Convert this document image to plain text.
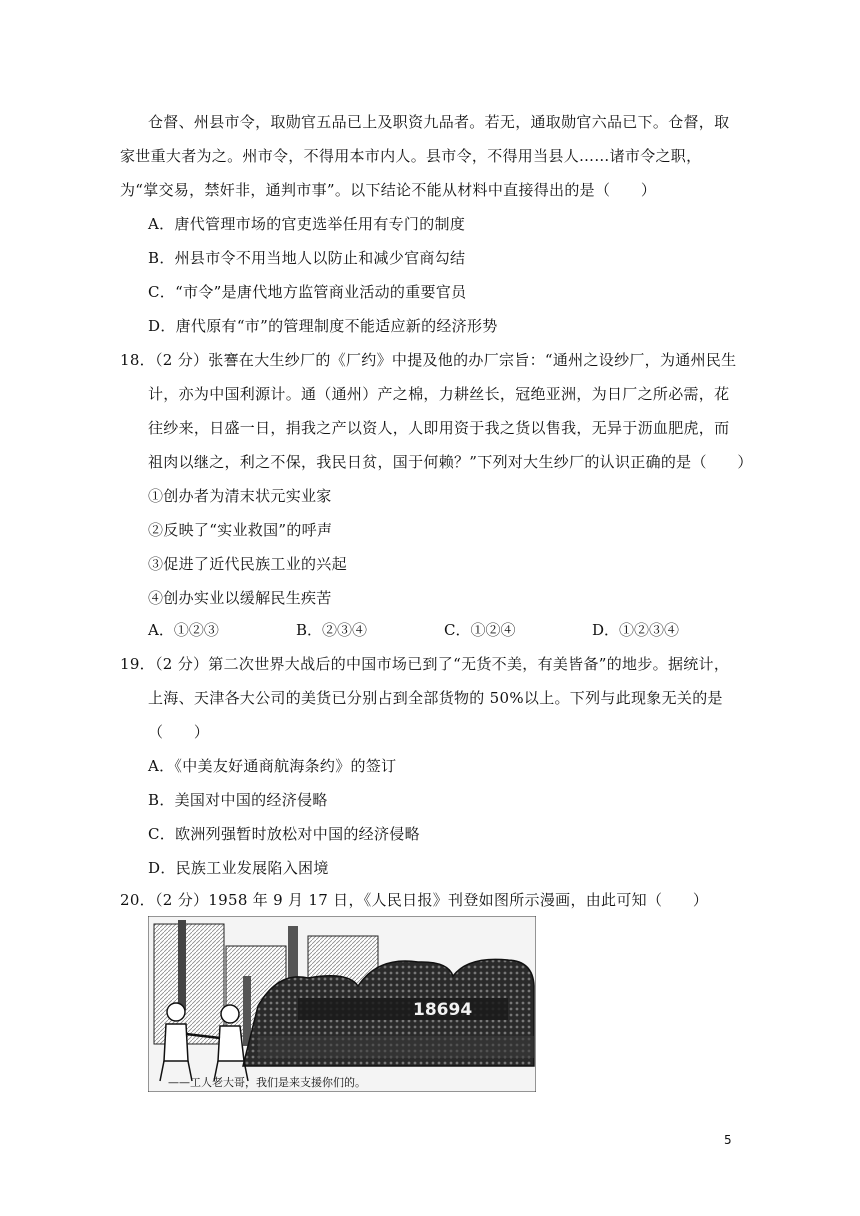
仓督、州县市令，取勋官五品已上及职资九品者。若无，通取勋官六品已下。仓督，取
家世重大者为之。州市令，不得用本市内人。县市令，不得用当县人……诸市令之职，
为“掌交易，禁奸非，通判市事”。以下结论不能从材料中直接得出的是（　　）
A．唐代管理市场的官吏选举任用有专门的制度
B．州县市令不用当地人以防止和减少官商勾结
C．“市令”是唐代地方监管商业活动的重要官员
D．唐代原有“市”的管理制度不能适应新的经济形势
18．（2 分）张謇在大生纱厂的《厂约》中提及他的办厂宗旨：“通州之设纱厂，为通州民生
计，亦为中国利源计。通（通州）产之棉，力耕丝长，冠绝亚洲，为日厂之所必需，花
往纱来，日盛一日，捐我之产以资人，人即用资于我之货以售我，无异于沥血肥虎，而
祖肉以继之，利之不保，我民日贫，国于何赖？”下列对大生纱厂的认识正确的是（　　）
①创办者为清末状元实业家
②反映了“实业救国”的呼声
③促进了近代民族工业的兴起
④创办实业以缓解民生疾苦
A．①②③	B．②③④	C．①②④	D．①②③④
19．（2 分）第二次世界大战后的中国市场已到了“无货不美，有美皆备”的地步。据统计，
上海、天津各大公司的美货已分别占到全部货物的 50%以上。下列与此现象无关的是
（　　）
A．《中美友好通商航海条约》的签订
B．美国对中国的经济侵略
C．欧洲列强暂时放松对中国的经济侵略
D．民族工业发展陷入困境
20．（2 分）1958 年 9 月 17 日，《人民日报》刊登如图所示漫画，由此可知（　　）
18694
——工人老大哥，我们是来支援你们的。
5
